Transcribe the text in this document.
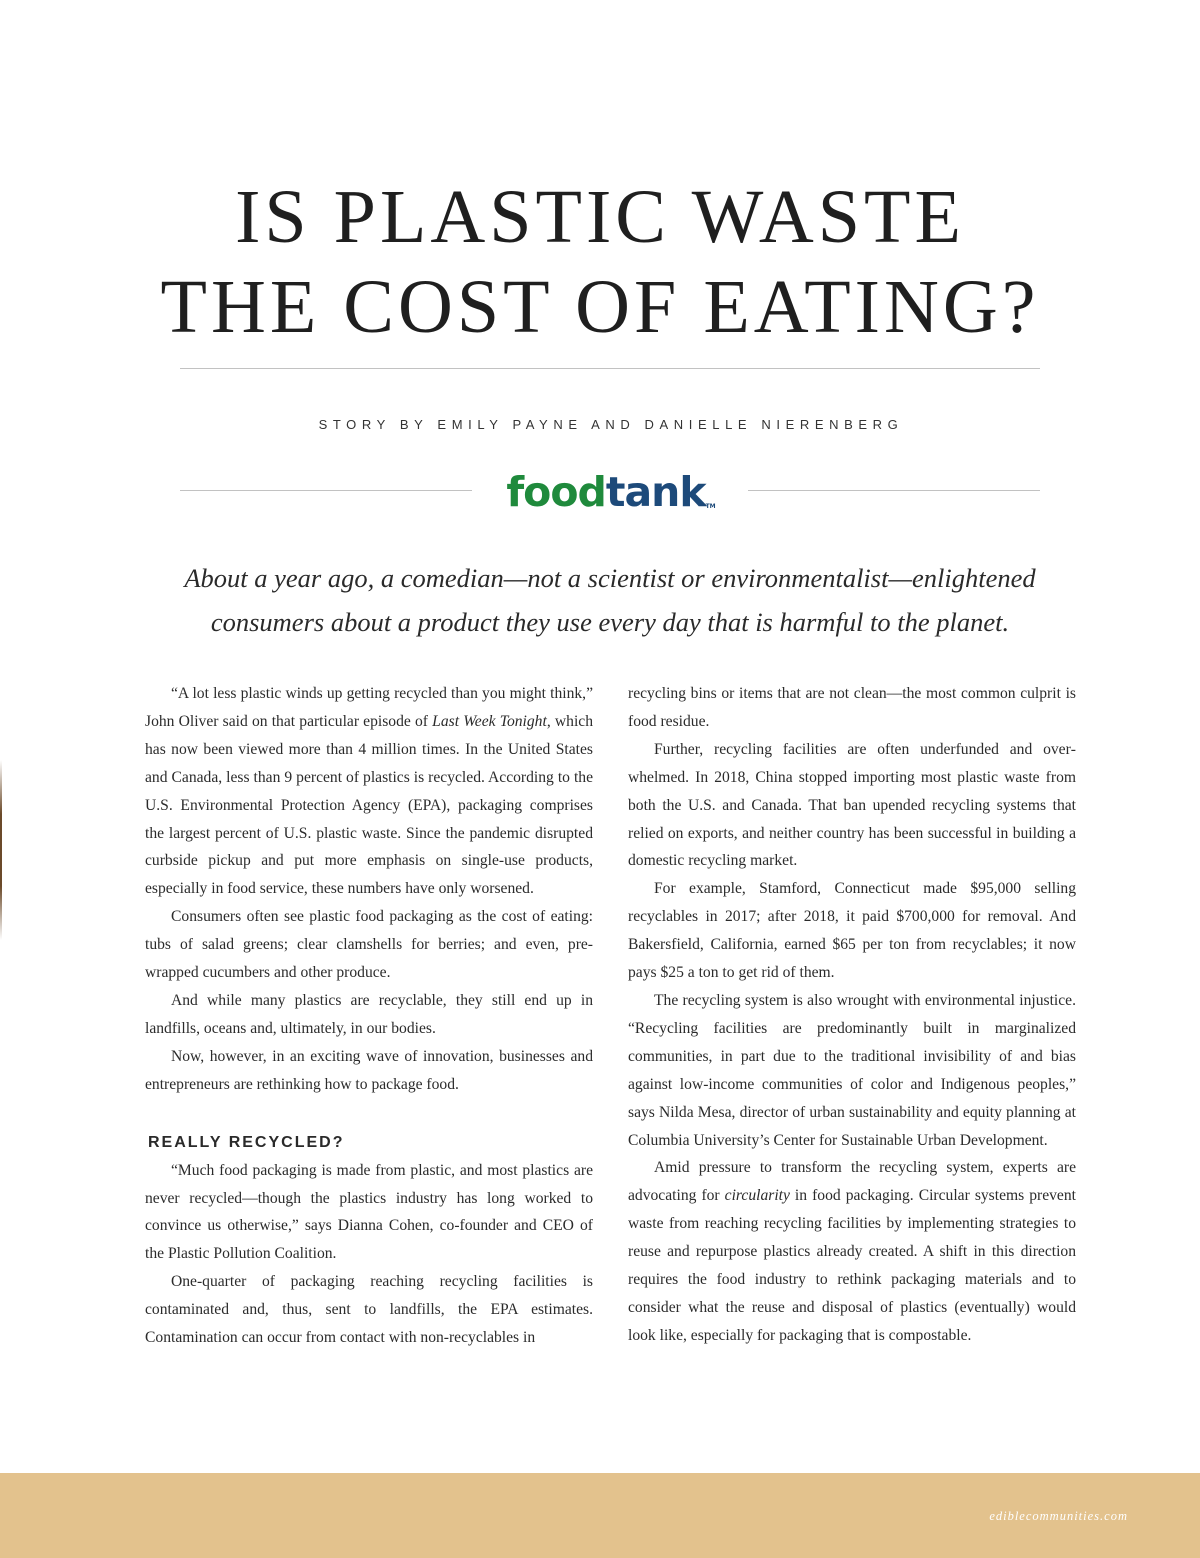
IS PLASTIC WASTE
THE COST OF EATING?
STORY BY EMILY PAYNE AND DANIELLE NIERENBERG
foodtankTM

About a year ago, a comedian—not a scientist or environmentalist—enlightened
consumers about a product they use every day that is harmful to the planet.

“A lot less plastic winds up getting recycled than you might think,” John Oliver said on that particular episode of Last Week Tonight, which has now been viewed more than 4 million times. In the United States and Canada, less than 9 percent of plastics is recycled. According to the U.S. Environmental Protection Agency (EPA), packaging comprises the largest percent of U.S. plastic waste. Since the pandemic disrupted curbside pickup and put more emphasis on single-use products, especially in food service, these numbers have only worsened.

Consumers often see plastic food packaging as the cost of eating: tubs of salad greens; clear clamshells for berries; and even, pre-wrapped cucumbers and other produce.

And while many plastics are recyclable, they still end up in landfills, oceans and, ultimately, in our bodies.

Now, however, in an exciting wave of innovation, businesses and entrepreneurs are rethinking how to package food.

REALLY RECYCLED?

“Much food packaging is made from plastic, and most plastics are never recycled—though the plastics industry has long worked to convince us otherwise,” says Dianna Cohen, co-founder and CEO of the Plastic Pollution Coalition.

One-quarter of packaging reaching recycling facilities is contaminated and, thus, sent to landfills, the EPA estimates. Contamination can occur from contact with non-recyclables in

recycling bins or items that are not clean—the most common culprit is food residue.

Further, recycling facilities are often underfunded and overwhelmed. In 2018, China stopped importing most plastic waste from both the U.S. and Canada. That ban upended recycling systems that relied on exports, and neither country has been successful in building a domestic recycling market.

For example, Stamford, Connecticut made $95,000 selling recyclables in 2017; after 2018, it paid $700,000 for removal. And Bakersfield, California, earned $65 per ton from recyclables; it now pays $25 a ton to get rid of them.

The recycling system is also wrought with environmental injustice. “Recycling facilities are predominantly built in marginalized communities, in part due to the traditional invisibility of and bias against low-income communities of color and Indigenous peoples,” says Nilda Mesa, director of urban sustainability and equity planning at Columbia University’s Center for Sustainable Urban Development.

Amid pressure to transform the recycling system, experts are advocating for circularity in food packaging. Circular systems prevent waste from reaching recycling facilities by implementing strategies to reuse and repurpose plastics already created. A shift in this direction requires the food industry to rethink packaging materials and to consider what the reuse and disposal of plastics (eventually) would look like, especially for packaging that is compostable.

ediblecommunities.com
